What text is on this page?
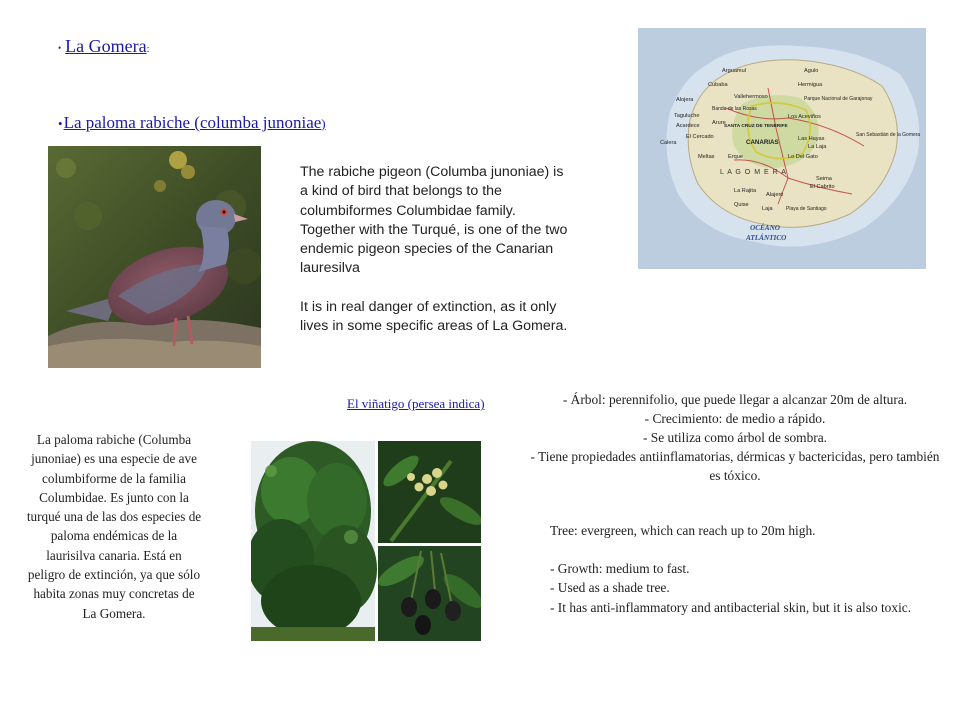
• La Gomera:
•La paloma rabiche (columba junoniae)

The rabiche pigeon (Columba junoniae) is a kind of bird that belongs to the columbiformes Columbidae family. Together with the Turqué, is one of the two endemic pigeon species of the Canarian lauresilva

It is in real danger of extinction, as it only lives in some specific areas of La Gomera.

Arguamul	Agulo
Cubaba	Hermigua
Vallehermoso
Alojera	Parque Nacional de Garajonay
Taguluche
Banda de las Rosas
Los Aceviños
Arure
Acardece	SANTA CRUZ DE TENERIFE
Calera
El Cercado
CANARIAS
San Sebastián de la Gomera
Las Hayas
Meltas Erque	Lo Del Gato
La Laja
Seima
La Rajita
El Cabrito
Quise
Alajeró
Playa de Santiago
Laja
L A G O M E R A
OCÉANO
ATLÁNTICO
El viñatigo (persea indica)	- Árbol: perennifolio, que puede llegar a alcanzar 20m de altura.
- Crecimiento: de medio a rápido.
- Se utiliza como árbol de sombra.
- Tiene propiedades antiinflamatorias, dérmicas y bactericidas, pero también es tóxico.
Tree: evergreen, which can reach up to 20m high.
- Growth: medium to fast.
- Used as a shade tree.
- It has anti-inflammatory and antibacterial skin, but it is also toxic.
La paloma rabiche (Columba junoniae) es una especie de ave columbiforme de la familia Columbidae. Es junto con la turqué una de las dos especies de paloma endémicas de la laurisilva canaria. Está en peligro de extinción, ya que sólo habita zonas muy concretas de La Gomera.
